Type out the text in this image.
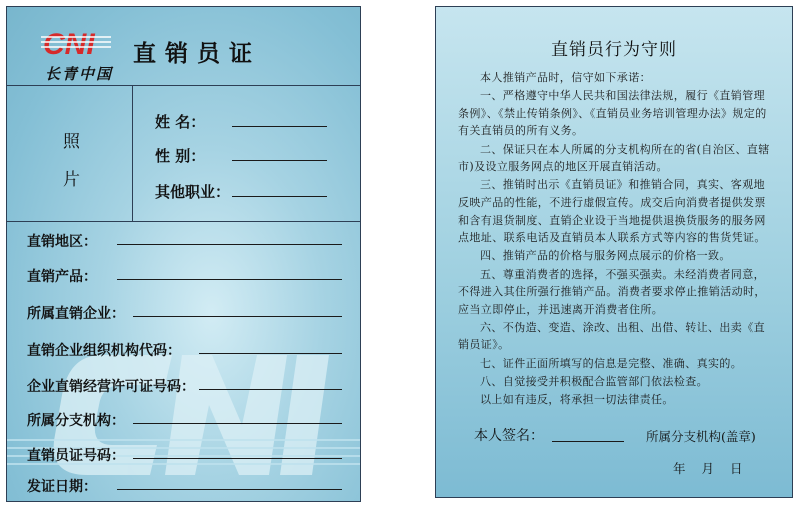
CNI
长青中国
直销员证
照
片
姓 名：
性 别：
其他职业：
直销地区：
直销产品：
所属直销企业：
直销企业组织机构代码：
企业直销经营许可证号码：
所属分支机构：
直销员证号码：
发证日期：
直销员行为守则

本人推销产品时，信守如下承诺：

一、严格遵守中华人民共和国法律法规，履行《直销管理条例》、《禁止传销条例》、《直销员业务培训管理办法》规定的有关直销员的所有义务。

二、保证只在本人所属的分支机构所在的省(自治区、直辖市)及设立服务网点的地区开展直销活动。

三、推销时出示《直销员证》和推销合同，真实、客观地反映产品的性能，不进行虚假宣传。成交后向消费者提供发票和含有退货制度、直销企业设于当地提供退换货服务的服务网点地址、联系电话及直销员本人联系方式等内容的售货凭证。

四、推销产品的价格与服务网点展示的价格一致。

五、尊重消费者的选择，不强买强卖。未经消费者同意，不得进入其住所强行推销产品。消费者要求停止推销活动时，应当立即停止，并迅速离开消费者住所。

六、不伪造、变造、涂改、出租、出借、转让、出卖《直销员证》。

七、证件正面所填写的信息是完整、准确、真实的。

八、自觉接受并积极配合监管部门依法检查。

以上如有违反，将承担一切法律责任。

本人签名：	所属分支机构(盖章)
年 月 日
